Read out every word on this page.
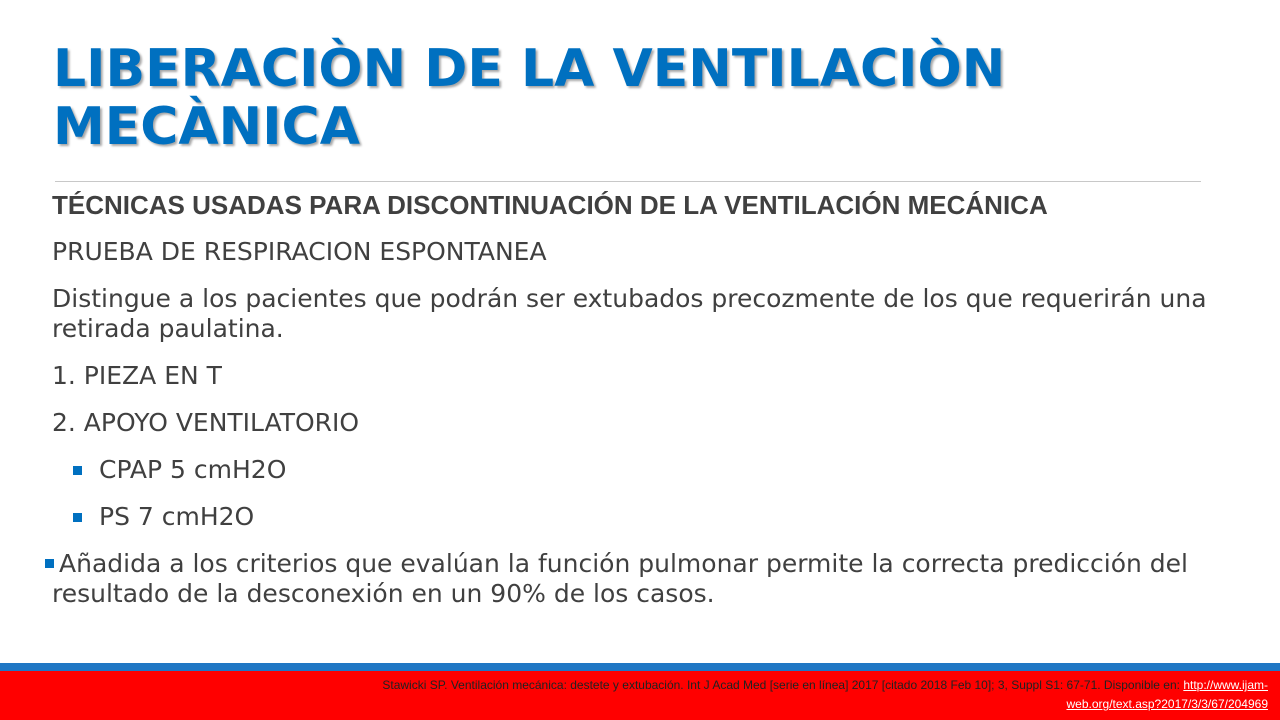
LIBERACIÒN DE LA VENTILACIÒN MECÀNICA

TÉCNICAS USADAS PARA DISCONTINUACIÓN DE LA VENTILACIÓN MECÁNICA

PRUEBA DE RESPIRACION ESPONTANEA

Distingue a los pacientes que podrán ser extubados precozmente de los que requerirán una retirada paulatina.

1. PIEZA EN T

2. APOYO VENTILATORIO

CPAP 5 cmH2O
PS 7 cmH2O
Añadida a los criterios que evalúan la función pulmonar permite la correcta predicción del resultado de la desconexión en un 90% de los casos.
Stawicki SP. Ventilación mecánica: destete y extubación. Int J Acad Med [serie en línea] 2017 [citado 2018 Feb 10]; 3, Suppl S1: 67-71. Disponible en: http://www.ijam-web.org/text.asp?2017/3/3/67/204969
